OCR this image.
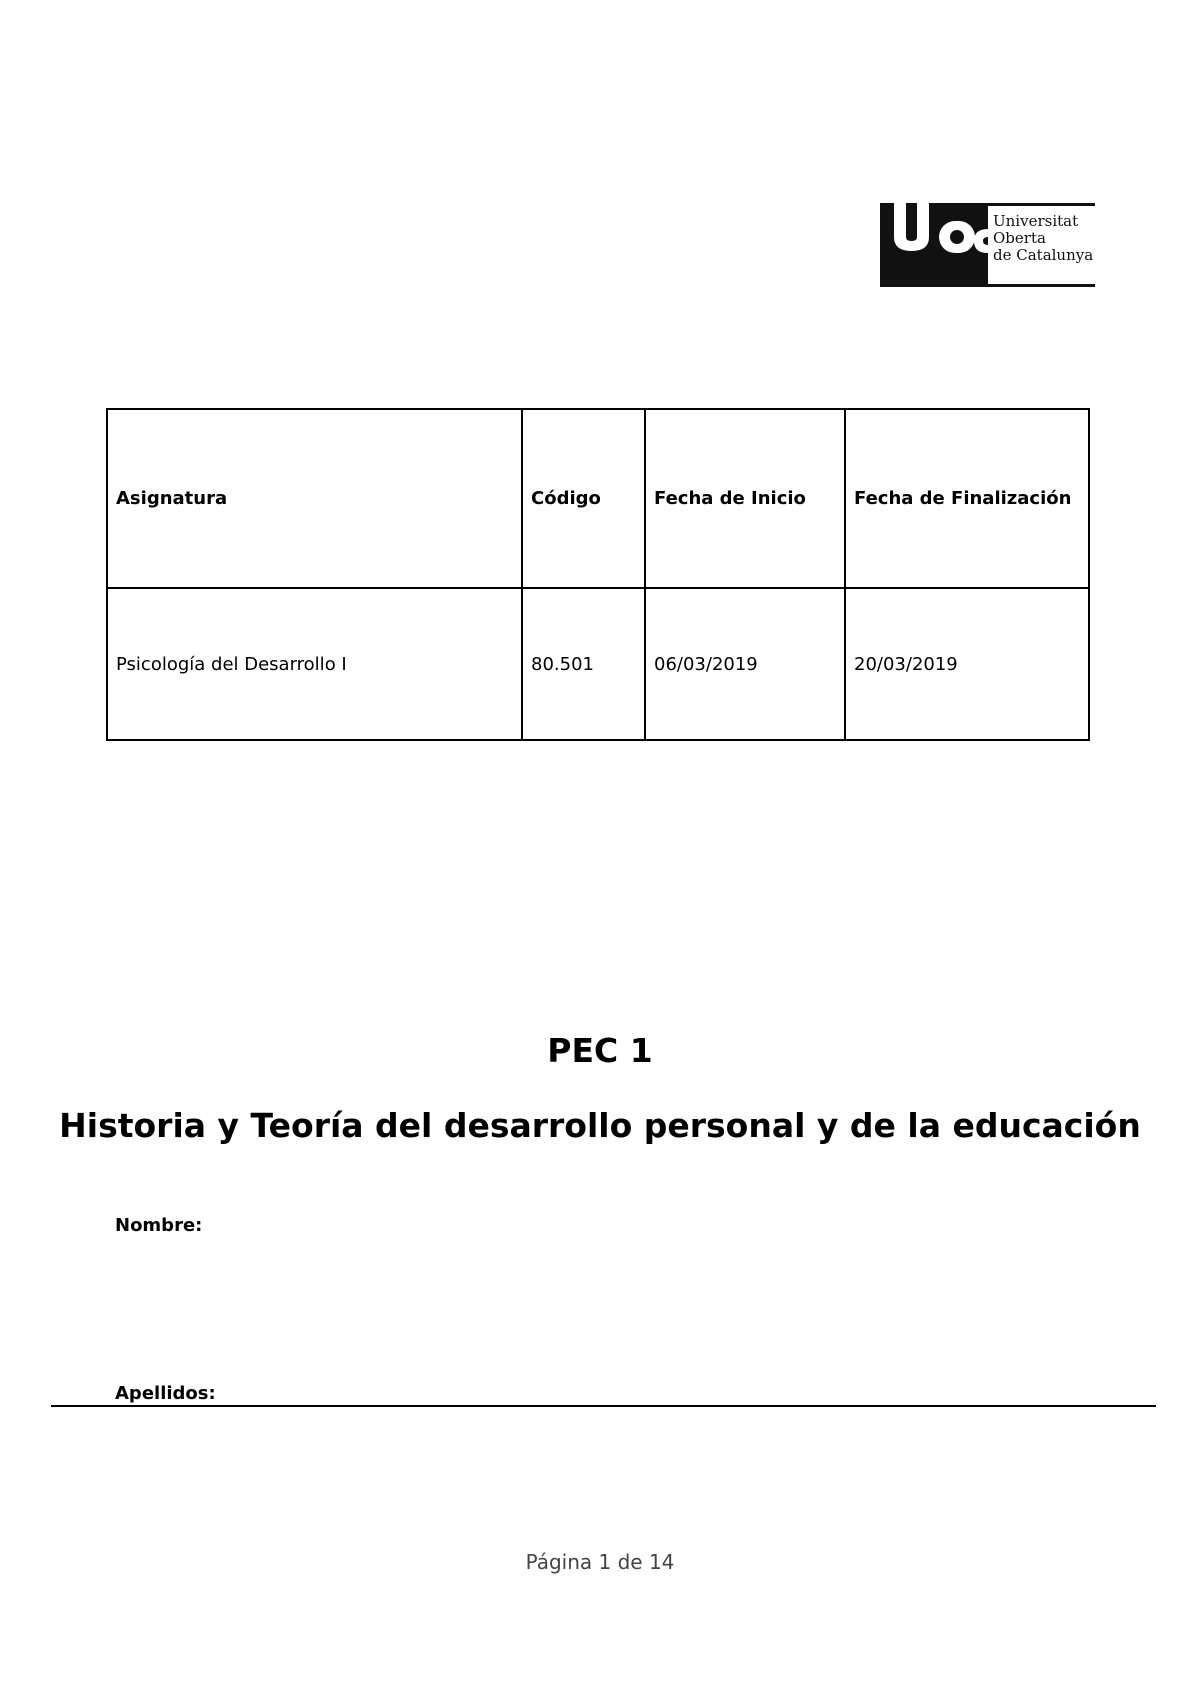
Universitat
Oberta
de Catalunya
Asignatura	Código	Fecha de Inicio	Fecha de Finalización
Psicología del Desarrollo I	80.501	06/03/2019	20/03/2019
PEC 1
Historia y Teoría del desarrollo personal y de la educación
Nombre:
Apellidos:
Página 1 de 14
